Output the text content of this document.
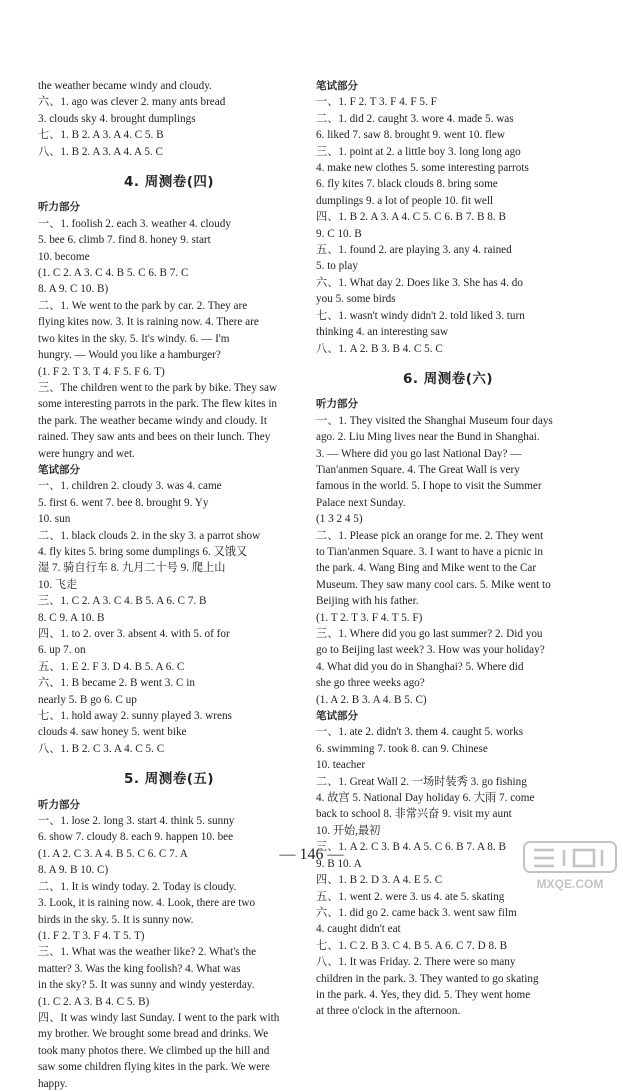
the weather became windy and cloudy.
六、1. ago was clever 2. many ants bread
3. clouds sky 4. brought dumplings
七、1. B 2. A 3. A 4. C 5. B
八、1. B 2. A 3. A 4. A 5. C
4. 周测卷(四)
听力部分
一、1. foolish 2. each 3. weather 4. cloudy
5. bee 6. climb 7. find 8. honey 9. start
10. become
(1. C 2. A 3. C 4. B 5. C 6. B 7. C
8. A 9. C 10. B)
二、1. We went to the park by car. 2. They are
flying kites now. 3. It is raining now. 4. There are
two kites in the sky. 5. It's windy. 6. — I'm
hungry. — Would you like a hamburger?
(1. F 2. T 3. T 4. F 5. F 6. T)
三、The children went to the park by bike. They saw
some interesting parrots in the park. The flew kites in
the park. The weather became windy and cloudy. It
rained. They saw ants and bees on their lunch. They
were hungry and wet.
笔试部分
一、1. children 2. cloudy 3. was 4. came
5. first 6. went 7. bee 8. brought 9. Yy
10. sun
二、1. black clouds 2. in the sky 3. a parrot show
4. fly kites 5. bring some dumplings 6. 又饿又
湿 7. 骑自行车 8. 九月二十号 9. 爬上山
10. 飞走
三、1. C 2. A 3. C 4. B 5. A 6. C 7. B
8. C 9. A 10. B
四、1. to 2. over 3. absent 4. with 5. of for
6. up 7. on
五、1. E 2. F 3. D 4. B 5. A 6. C
六、1. B became 2. B went 3. C in
nearly 5. B go 6. C up
七、1. hold away 2. sunny played 3. wrens
clouds 4. saw honey 5. went bike
八、1. B 2. C 3. A 4. C 5. C
5. 周测卷(五)
听力部分
一、1. lose 2. long 3. start 4. think 5. sunny
6. show 7. cloudy 8. each 9. happen 10. bee
(1. A 2. C 3. A 4. B 5. C 6. C 7. A
8. A 9. B 10. C)
二、1. It is windy today. 2. Today is cloudy.
3. Look, it is raining now. 4. Look, there are two
birds in the sky. 5. It is sunny now.
(1. F 2. T 3. F 4. T 5. T)
三、1. What was the weather like? 2. What's the
matter? 3. Was the king foolish? 4. What was
in the sky? 5. It was sunny and windy yesterday.
(1. C 2. A 3. B 4. C 5. B)
四、It was windy last Sunday. I went to the park with
my brother. We brought some bread and drinks. We
took many photos there. We climbed up the hill and
saw some children flying kites in the park. We were
happy.
笔试部分
一、1. F 2. T 3. F 4. F 5. F
二、1. did 2. caught 3. wore 4. made 5. was
6. liked 7. saw 8. brought 9. went 10. flew
三、1. point at 2. a little boy 3. long long ago
4. make new clothes 5. some interesting parrots
6. fly kites 7. black clouds 8. bring some
dumplings 9. a lot of people 10. fit well
四、1. B 2. A 3. A 4. C 5. C 6. B 7. B 8. B
9. C 10. B
五、1. found 2. are playing 3. any 4. rained
5. to play
六、1. What day 2. Does like 3. She has 4. do
you 5. some birds
七、1. wasn't windy didn't 2. told liked 3. turn
thinking 4. an interesting saw
八、1. A 2. B 3. B 4. C 5. C
6. 周测卷(六)
听力部分
一、1. They visited the Shanghai Museum four days
ago. 2. Liu Ming lives near the Bund in Shanghai.
3. — Where did you go last National Day? —
Tian'anmen Square. 4. The Great Wall is very
famous in the world. 5. I hope to visit the Summer
Palace next Sunday.
(1 3 2 4 5)
二、1. Please pick an orange for me. 2. They went
to Tian'anmen Square. 3. I want to have a picnic in
the park. 4. Wang Bing and Mike went to the Car
Museum. They saw many cool cars. 5. Mike went to
Beijing with his father.
(1. T 2. T 3. F 4. T 5. F)
三、1. Where did you go last summer? 2. Did you
go to Beijing last week? 3. How was your holiday?
4. What did you do in Shanghai? 5. Where did
she go three weeks ago?
(1. A 2. B 3. A 4. B 5. C)
笔试部分
一、1. ate 2. didn't 3. them 4. caught 5. works
6. swimming 7. took 8. can 9. Chinese
10. teacher
二、1. Great Wall 2. 一场时装秀 3. go fishing
4. 故宫 5. National Day holiday 6. 大雨 7. come
back to school 8. 非常兴奋 9. visit my aunt
10. 开始,最初
三、1. A 2. C 3. B 4. A 5. C 6. B 7. A 8. B
9. B 10. A
四、1. B 2. D 3. A 4. E 5. C
五、1. went 2. were 3. us 4. ate 5. skating
六、1. did go 2. came back 3. went saw film
4. caught didn't eat
七、1. C 2. B 3. C 4. B 5. A 6. C 7. D 8. B
八、1. It was Friday. 2. There were so many
children in the park. 3. They wanted to go skating
in the park. 4. Yes, they did. 5. They went home
at three o'clock in the afternoon.
— 146 —
MXQE.COM
